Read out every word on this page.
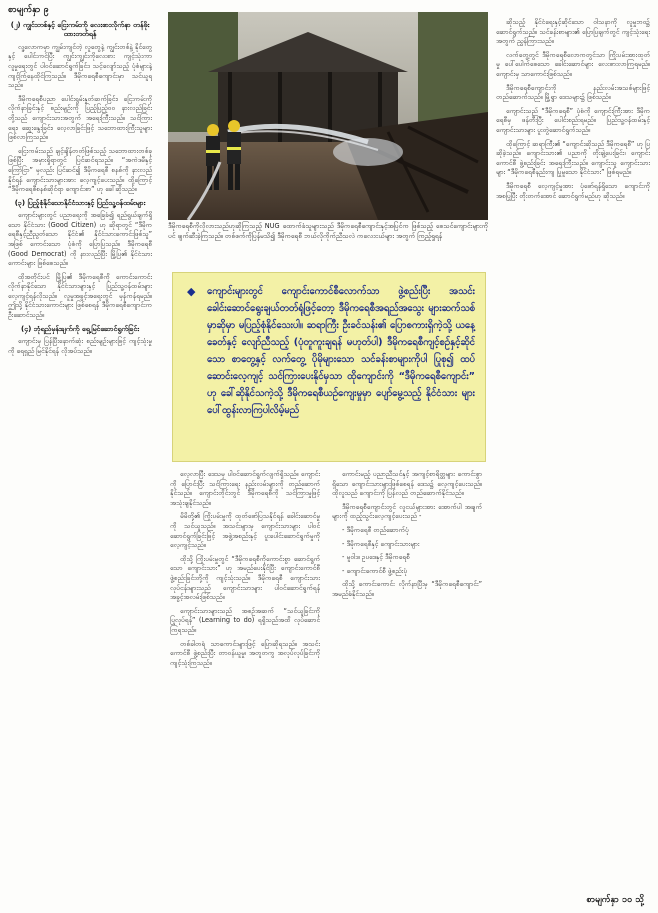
စာမျက်နှာ ၉
(၂) ကျွင်းတစ်နှင့် ငြေးကမ်းကို လေးစားလိုက်နာ တန်ဖိုးထားတတ်ရန်

လူ့လောကမှာ ကျွမ်းကျင်တဲ့ လူတွေနဲ့ ကျွင်းတစ်နဲ့ နိုင်တွေနှင့် ပေါင်းကင်ပြီး ကျွင်းကျွင်းကိုလေးစား ကျင့်သုံးကာ လူမှုရေးတွင် ပါဝင်ဆောင်ရွက်ခြင်း၊ သင့်လျော်သည့် ပုံစံများနဲ့ ကျင့်ကြံနေထိုင်ကြသည်။ ဒီမိုကရေစီကျောင်းမှာ သင်ယူရသည်။

ဒီမိုကရေစီပညာ ပေါင်းရွမ်းနှုတ်ဆက်ခြင်း၊ ငြေးကမ်းကို လိုက်နာခြင်းနှင့် စည်းမျဉ်းကို ပြည့်ပြည့်ဝဝ နားလည်ခြင်းတို့သည် ကျောင်းသားအတွက် အရေးကြီးသည်။ သင်ကြားရေး၊ ဆွေးနွေးခြင်း၊ လေ့လာခြင်းဖြင့် သဘောထားကြီးသူများ ဖြစ်လာကြသည်။

ငြေးကမ်းသည် ချင့်ချိန်တတ်ဖြစ်သည့် သဘောထားတစ်ခု ဖြစ်ပြီး အမှားရှိရာတွင် ပြင်ဆင်ရသည်။ “အကဲဒမီနှင့် ကြော်ငြာ” မှလည်း ပြင်ဆင်၍ ဒီမိုကရေစီ စနစ်ကို နားလည်နိုင်ရန် ကျောင်းသားများအား လေ့ကျင့်ပေးသည်။ ထို့ကြောင့် “ဒီမိုကရေစီစနစ်ဆိုင်ရာ ကျောင်းစာ” ဟု ခေါ်ဆိုသည်။

(၃) ပြည့်စုံနိုင်သောနိုင်ငံသားနှင့် ပြည်သူ့ဝန်ထမ်းများ

ကျောင်းများတွင် ပညာရေးကို အခြေခံ၍ ရည်ရွယ်ချက်ရှိသော နိုင်ငံသား (Good Citizen) ဟု ဆိုရာတွင် “ဒီမိုကရေစီနှင့်ညီညွတ်သော နိုင်ငံ၏ နိုင်ငံသားကောင်းဖြစ်သူ” အဖြစ် ကောင်းသော ပုံစံကို ပြောပြသည်။ ဒီမိုကရေစီ (Good Democrat) ကို နားလည်ပြီး မြို့ပြ၏ နိုင်ငံသားကောင်းများ ဖြစ်စေသည်။

ထိုအတိုင်းပင် မြို့ပြ၏ ဒီမိုကရေစီကို ကောင်းကောင်း လိုက်နာနိုင်သော နိုင်ငံသားများနှင့် ပြည်သူ့ဝန်ထမ်းများ လေ့ကျင့်ရန်လိုသည်။ လူမှုအခွင့်အရေးတွင် မှန်ကန်ရမည်။ ဤသို့ နိုင်ငံသားကောင်းများ ဖြစ်စေရန် ဒီမိုကရေစီကျောင်းက ဦးဆောင်သည်။

(၄) ဘုံရည်မှန်းချက်ကို ရှေ့မြင်ဆောင်ရွက်ခြင်း

ကျောင်းမှ ပြန်ပြီးနောက်ဆုံး စည်းမျဉ်းများဖြင့် ကျင့်သုံးမှုကို ရေရှည် မြင်နိုင်ရန် လိုအပ်သည်။

ဒီမိုကရေစီကိုလိုလားသည်ဟုဆိုကြသည့် NUG ထောက်ခံသူများသည် ဒီမိုကရေစီကျောင်းနှင့်အပြင်က ဖြစ်သည့် စေသင်ကျောင်းများကိုပင် ဖျက်ဆီးခဲ့ကြသည်။ တစ်ဖက်ကိုပြန်မသိ၍ ဒီမိုကရေစီ ဘယ်လိုကိုက်ညီသလဲ ကလေးငယ်များ အတွက် ကြည့်ရှုရန်
◆ ကျောင်းများတွင် ကျောင်းကောင်စီလောက်သာ ဖွဲ့စည်းပြီး အသင်း ခေါင်းဆောင်ရွေးချယ်တတ်ရုံဖြင့်တော့ ဒီမိုကရေစီအရည်အသွေး များဆက်သစ်မှာဆိုမှာ မပြည့်စုံနိုင်သေးပါ။ ဆရာကြီး ဦးခင်သန်း၏ ပြောစကားရှိကဲ့သို့ ယနေ့ခေတ်နှင့် လျော်ညီသည့် (ပုံတူကူးချရန် မဟုတ်ပါ) ဒီမိုကရေစီကျင့်စဉ်နှင့်ဆိုင်သော စာတွေ့နှင့် လက်တွေ့ ပိုမိုများသော သင်ခန်းစာများကိုပါ ပြုစု၍ ထပ်ဆောင်းလေ့ကျင့် သင်ကြားပေးနိုင်မှသာ ထိုကျောင်းကို “ဒီမိုကရေစီကျောင်း” ဟု ခေါ်ဆိုနိုင်သကဲ့သို့ ဒီမိုကရေစီယဉ်ကျေးမှုမှာ ပျော်မွေ့သည့် နိုင်ငံသား များ ပေါ်ထွန်းလာကြပါလိမ့်မည်

လေ့လာပြီး ဒေသမှ ပါဝင်ဆောင်ရွက်လျက်ရှိသည်။ ကျောင်းကို ပြောင်းပြီး သင်ကြားရေး နည်းလမ်းများကို တည်ဆောက်နိုင်သည်။ ကျောင်းတိုင်းတွင် ဒီမိုကရေစီကို သင်ကြားမှုဖြင့် အသုံးချနိုင်သည်။

မိမိတို့၏ ကြိုးပမ်းမှုကို ထုတ်ဖော်ပြသနိုင်ရန် ခေါင်းဆောင်မှုကို သင်ယူသည်။ အသင်းများမှ ကျောင်းသားများ ပါဝင်ဆောင်ရွက်ခြင်းဖြင့် အဖွဲ့အစည်းနှင့် ပူးပေါင်းဆောင်ရွက်မှုကို လေ့ကျင့်သည်။

ထိုသို့ ကြိုးပမ်းမှုတွင် “ဒီမိုကရေစီကိုကောင်းစွာ ဆောင်ရွက်သော ကျောင်းသား” ဟု အမည်ပေးနိုင်ပြီး ကျောင်းကောင်စီ ဖွဲ့စည်းခြင်းတို့ကို ကျင့်သုံးသည်။ ဒီမိုကရေစီ ကျောင်းသားလုပ်ငန်းများသည် ကျောင်းသားများ ပါဝင်ဆောင်ရွက်ရန် အခွင့်အလမ်းဖြစ်သည်။

ကျောင်းသားများသည် အစဉ်အဆက် “သင်ယူခြင်းကို ပြုလုပ်ရန်” (Learning to do) ရရှိသည်အထိ လုပ်ဆောင်ကြရသည်။

တစ်ခါတရံ သာကောင်းများဖြင့် ပြောဆိုရသည်။ အသင်း ကောင်စီ ဖွဲ့စည်းပြီး တာဝန်ယူမှု၊ အတူတကွ အလုပ်လုပ်ခြင်းကို ကျင့်သုံးကြသည်။

ကောင်းမည့် ပညာညီသင်နှင့် အကျင့်စာရိတ္တများ ကောင်းစွာ ရှိသော ကျောင်းသားများဖြစ်စေရန် ဒေသ၌ လေ့ကျင့်ပေးသည်။ ထိုလူသည် ကျောင်းကို ပြန်လည် တည်ဆောက်နိုင်သည်။

ဒီမိုကရေစီကျောင်းတွင် လူငယ်များအား အောက်ပါ အချက်များကို ထည့်သွင်းလေ့ကျင့်ပေးသည် -

- ဒီမိုကရေစီ တည်ဆောက်ပုံ

- ဒီမိုကရေစီနှင့် ကျောင်းသားများ

- မူဝါဒ၊ ဥပဒေနှင့် ဒီမိုကရေစီ

- ကျောင်းကောင်စီ ဖွဲ့စည်းပုံ

ထိုသို့ ကောင်းကောင်း လိုက်နာပြီးမှ “ဒီမိုကရေစီကျောင်း” အမည်ခံနိုင်သည်။

ဆိုသည့် နိုင်ငံရေးနှင့်ဆိုင်သော ဝါသနာကို လူမှုဘဝ၌ ဆောင်ရွက်သည်။ သင်ခန်းစာများ၏ ပြောပြချက်တွင် ကျင့်သုံးရေးအတွက် ညွှန်ကြားသည်။

လက်တွေ့တွင် ဒီမိုကရေစီလောကတွင်သာ ကြိုးပမ်းအားထုတ်မှု ပေါ်ပေါက်စေသော ခေါင်းဆောင်များ လေးစားလာကြရမည်။ ကျောင်းမှ သာကောင်းဖြစ်သည်။

ဒီမိုကရေစီကျောင်းကို နည်းလမ်းအသစ်များဖြင့် တည်ဆောက်သည်။ မြို့ရွာ ဒေသများ၌ ဖြစ်သည်။

ကျောင်းသည် “ဒီမိုကရေစီ” ပုံစံကို ကျောင်းကြီးအား ဒီမိုကရေစီမှ ဖန်တီးပြီး ပေါင်းစည်းရမည်။ ပြည်သူ့ဝန်ထမ်းနှင့် ကျောင်းသားများ ပူးတွဲဆောင်ရွက်သည်။

ထိုကြောင့် ဆရာကြီး၏ “ကျောင်းဆိုသည် ဒီမိုကရေစီ” ဟု ပြဆိုခဲ့သည်။ ကျောင်းသား၏ ပညာကို တိုးချဲ့ပေးခြင်း၊ ကျောင်းကောင်စီ ဖွဲ့စည်းခြင်း အရေးကြီးသည်။ ကျောင်းသူ ကျောင်းသားများ “ဒီမိုကရေစီနည်းကျ ပြုမူသော နိုင်ငံသား” ဖြစ်ရမည်။

ဒီမိုကရေစီ လေ့ကျင့်မှုအား ပုံဖော်ရန်ရှိသော ကျောင်းကို အစပြုပြီး တိုးတက်အောင် ဆောင်ရွက်မည်ဟု ဆိုသည်။

စာမျက်နှာ ၁၀ သို့
